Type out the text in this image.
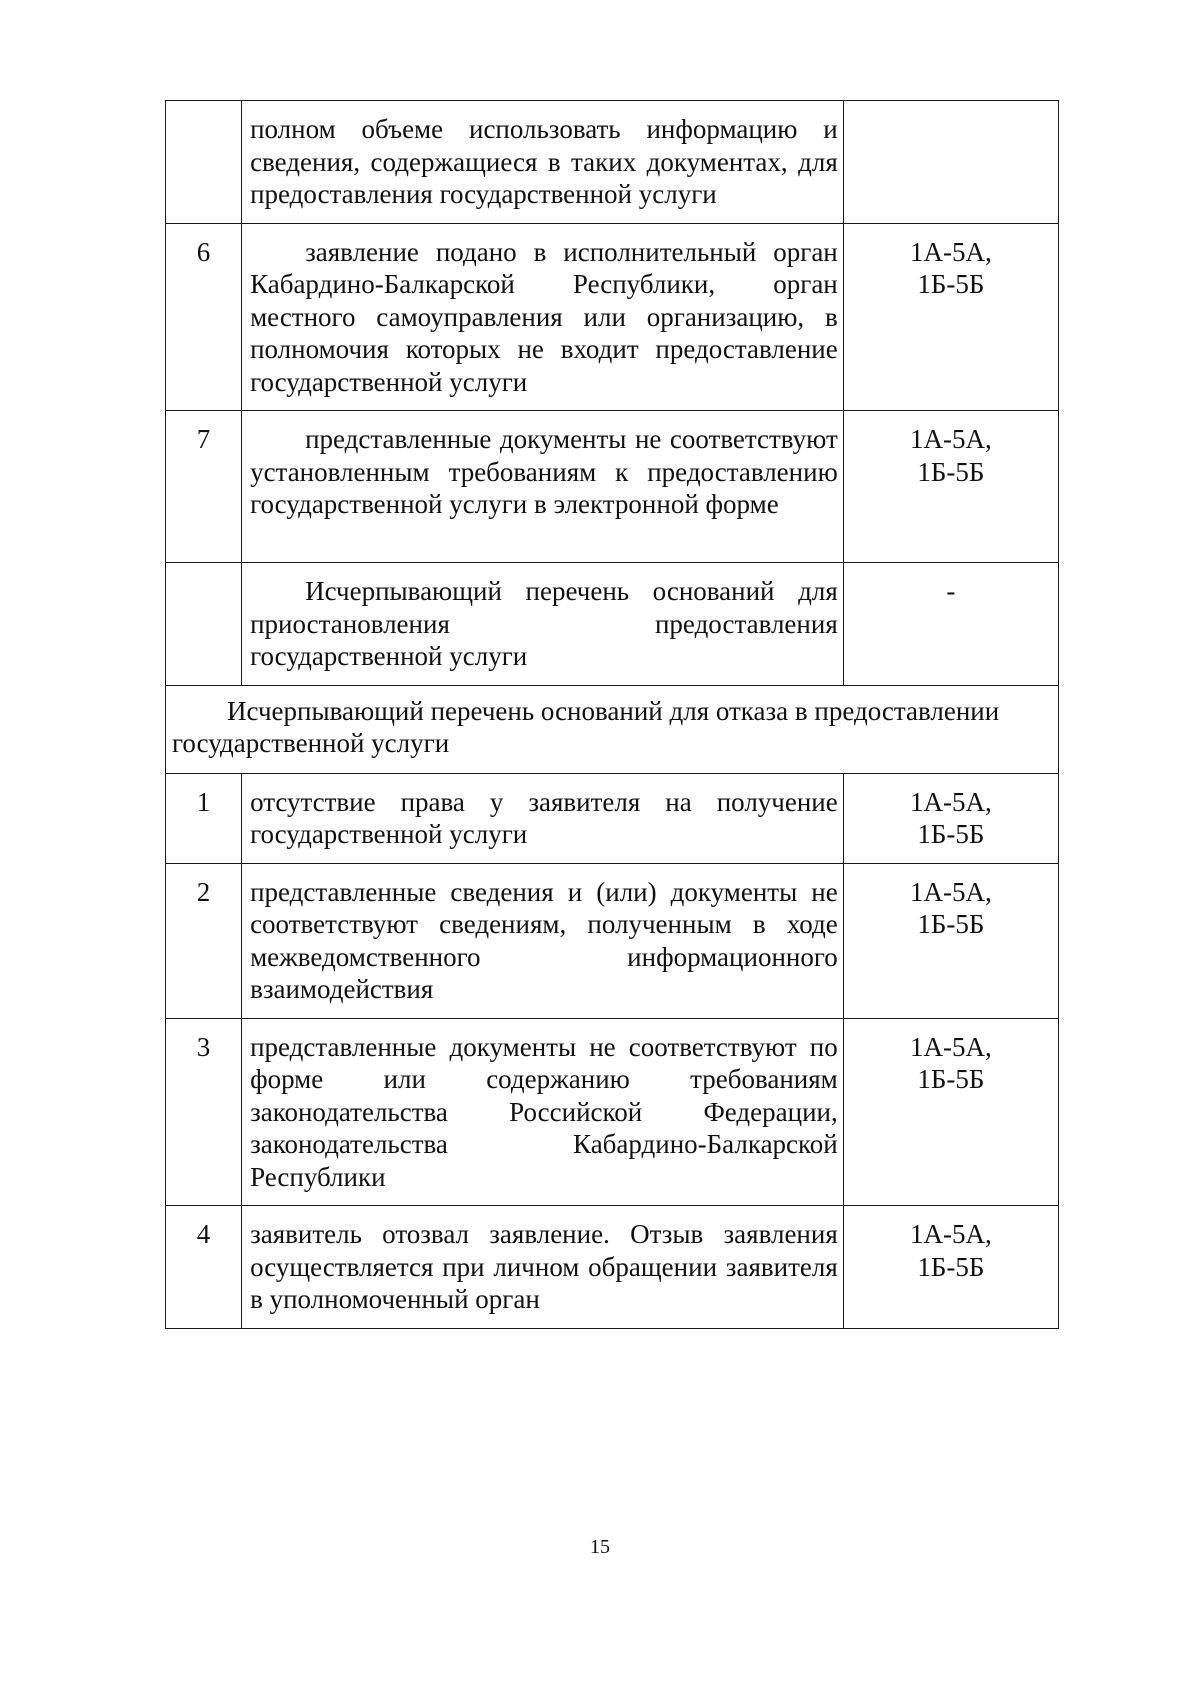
	полном объеме использовать информацию и сведения, содержащиеся в таких документах, для предоставления государственной услуги	

6	заявление подано в исполнительный орган Кабардино-Балкарской Республики, орган местного самоуправления или организацию, в полномочия которых не входит предоставление государственной услуги	1А-5А,
1Б-5Б

7	представленные документы не соответствуют установленным требованиям к предоставлению государственной услуги в электронной форме	1А-5А,
1Б-5Б

	Исчерпывающий перечень оснований для приостановления предоставления государственной услуги	-

Исчерпывающий перечень оснований для отказа в предоставлении государственной услуги		
1	отсутствие права у заявителя на получение государственной услуги	1А-5А,
1Б-5Б

2	представленные сведения и (или) документы не соответствуют сведениям, полученным в ходе межведомственного информационного взаимодействия	1А-5А,
1Б-5Б

3	представленные документы не соответствуют по форме или содержанию требованиям законодательства Российской Федерации, законодательства Кабардино-Балкарской Республики	1А-5А,
1Б-5Б

4	заявитель отозвал заявление. Отзыв заявления осуществляется при личном обращении заявителя в уполномоченный орган	1А-5А,
1Б-5Б
15
